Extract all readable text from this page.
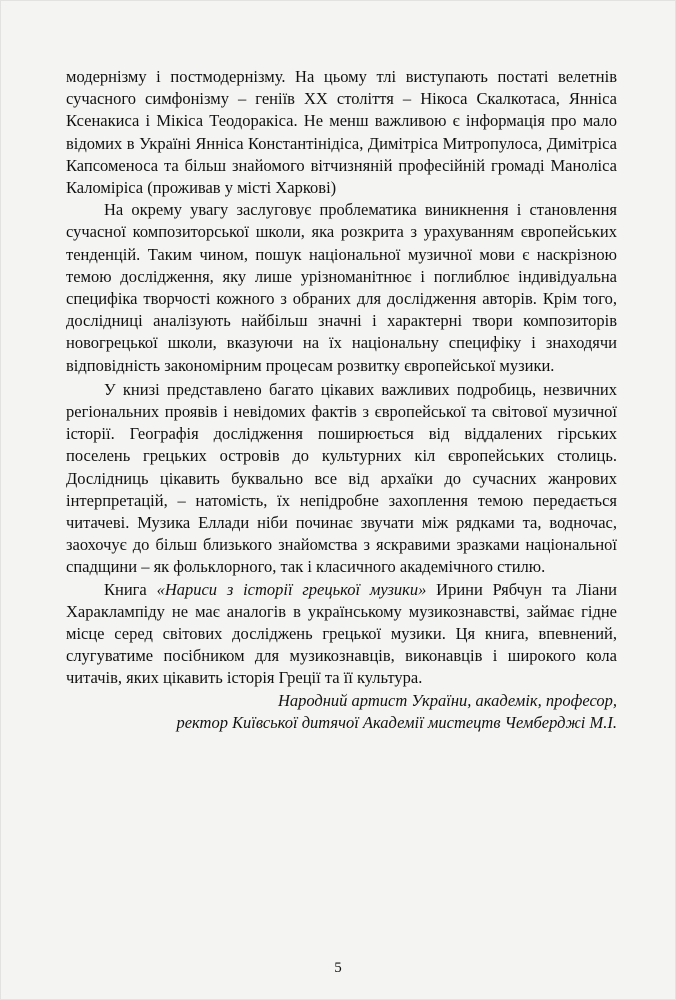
модернізму і постмодернізму. На цьому тлі виступають постаті велетнів сучасного симфонізму – геніїв XX століття – Нікоса Скалкотаса, Янніса Ксенакиса і Мікіса Теодоракіса. Не менш важливою є інформація про мало відомих в Україні Янніса Константінідіса, Димітріса Митропулоса, Димітріса Капсоменоса та більш знайомого вітчизняній професійній громаді Маноліса Каломіріса (проживав у місті Харкові)

На окрему увагу заслуговує проблематика виникнення і становлення сучасної композиторської школи, яка розкрита з урахуванням європейських тенденцій. Таким чином, пошук національної музичної мови є наскрізною темою дослідження, яку лише урізноманітнює і поглиблює індивідуальна специфіка творчості кожного з обраних для дослідження авторів. Крім того, дослідниці аналізують найбільш значні і характерні твори композиторів новогрецької школи, вказуючи на їх національну специфіку і знаходячи відповідність закономірним процесам розвитку європейської музики.

У книзі представлено багато цікавих важливих подробиць, незвичних регіональних проявів і невідомих фактів з європейської та світової музичної історії. Географія дослідження поширюється від віддалених гірських поселень грецьких островів до культурних кіл європейських столиць. Дослідниць цікавить буквально все від архаїки до сучасних жанрових інтерпретацій, – натомість, їх непідробне захоплення темою передається читачеві. Музика Еллади ніби починає звучати між рядками та, водночас, заохочує до більш близького знайомства з яскравими зразками національної спадщини – як фольклорного, так і класичного академічного стилю.

Книга «Нариси з історії грецької музики» Ирини Рябчун та Ліани Хараклампіду не має аналогів в українському музикознавстві, займає гідне місце серед світових досліджень грецької музики. Ця книга, впевнений, слугуватиме посібником для музикознавців, виконавців і широкого кола читачів, яких цікавить історія Греції та її культура.

Народний артист України, академік, професор,
ректор Київської дитячої Академії мистецтв Чемберджі М.І.

5
